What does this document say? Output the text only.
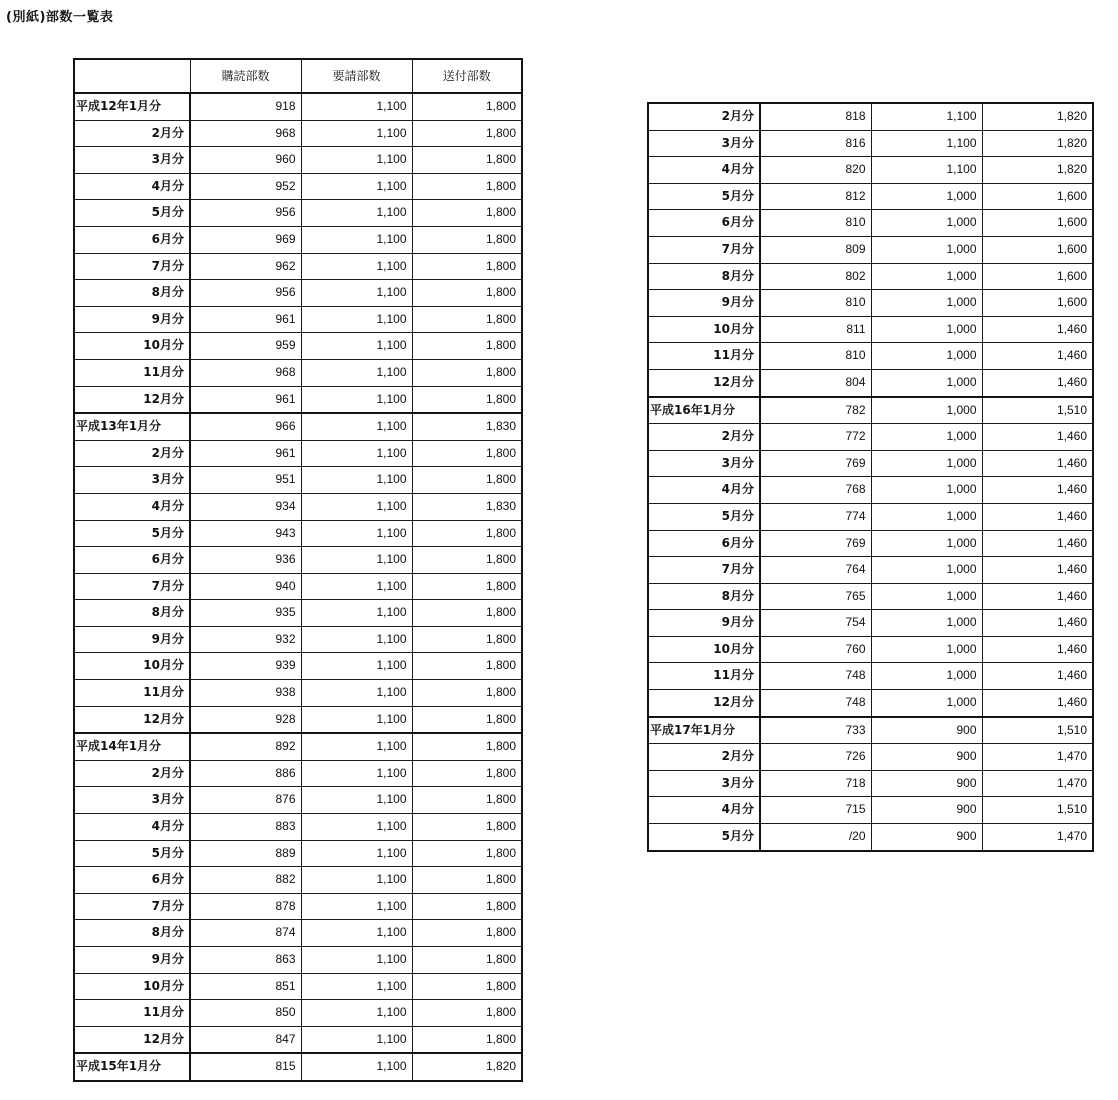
(別紙)部数一覧表
	購読部数	要請部数	送付部数
平成12年1月分	918	1,100	1,800
2月分	968	1,100	1,800
3月分	960	1,100	1,800
4月分	952	1,100	1,800
5月分	956	1,100	1,800
6月分	969	1,100	1,800
7月分	962	1,100	1,800
8月分	956	1,100	1,800
9月分	961	1,100	1,800
10月分	959	1,100	1,800
11月分	968	1,100	1,800
12月分	961	1,100	1,800
平成13年1月分	966	1,100	1,830
2月分	961	1,100	1,800
3月分	951	1,100	1,800
4月分	934	1,100	1,830
5月分	943	1,100	1,800
6月分	936	1,100	1,800
7月分	940	1,100	1,800
8月分	935	1,100	1,800
9月分	932	1,100	1,800
10月分	939	1,100	1,800
11月分	938	1,100	1,800
12月分	928	1,100	1,800
平成14年1月分	892	1,100	1,800
2月分	886	1,100	1,800
3月分	876	1,100	1,800
4月分	883	1,100	1,800
5月分	889	1,100	1,800
6月分	882	1,100	1,800
7月分	878	1,100	1,800
8月分	874	1,100	1,800
9月分	863	1,100	1,800
10月分	851	1,100	1,800
11月分	850	1,100	1,800
12月分	847	1,100	1,800
平成15年1月分	815	1,100	1,820
2月分	818	1,100	1,820
3月分	816	1,100	1,820
4月分	820	1,100	1,820
5月分	812	1,000	1,600
6月分	810	1,000	1,600
7月分	809	1,000	1,600
8月分	802	1,000	1,600
9月分	810	1,000	1,600
10月分	811	1,000	1,460
11月分	810	1,000	1,460
12月分	804	1,000	1,460
平成16年1月分	782	1,000	1,510
2月分	772	1,000	1,460
3月分	769	1,000	1,460
4月分	768	1,000	1,460
5月分	774	1,000	1,460
6月分	769	1,000	1,460
7月分	764	1,000	1,460
8月分	765	1,000	1,460
9月分	754	1,000	1,460
10月分	760	1,000	1,460
11月分	748	1,000	1,460
12月分	748	1,000	1,460
平成17年1月分	733	900	1,510
2月分	726	900	1,470
3月分	718	900	1,470
4月分	715	900	1,510
5月分	/20	900	1,470
